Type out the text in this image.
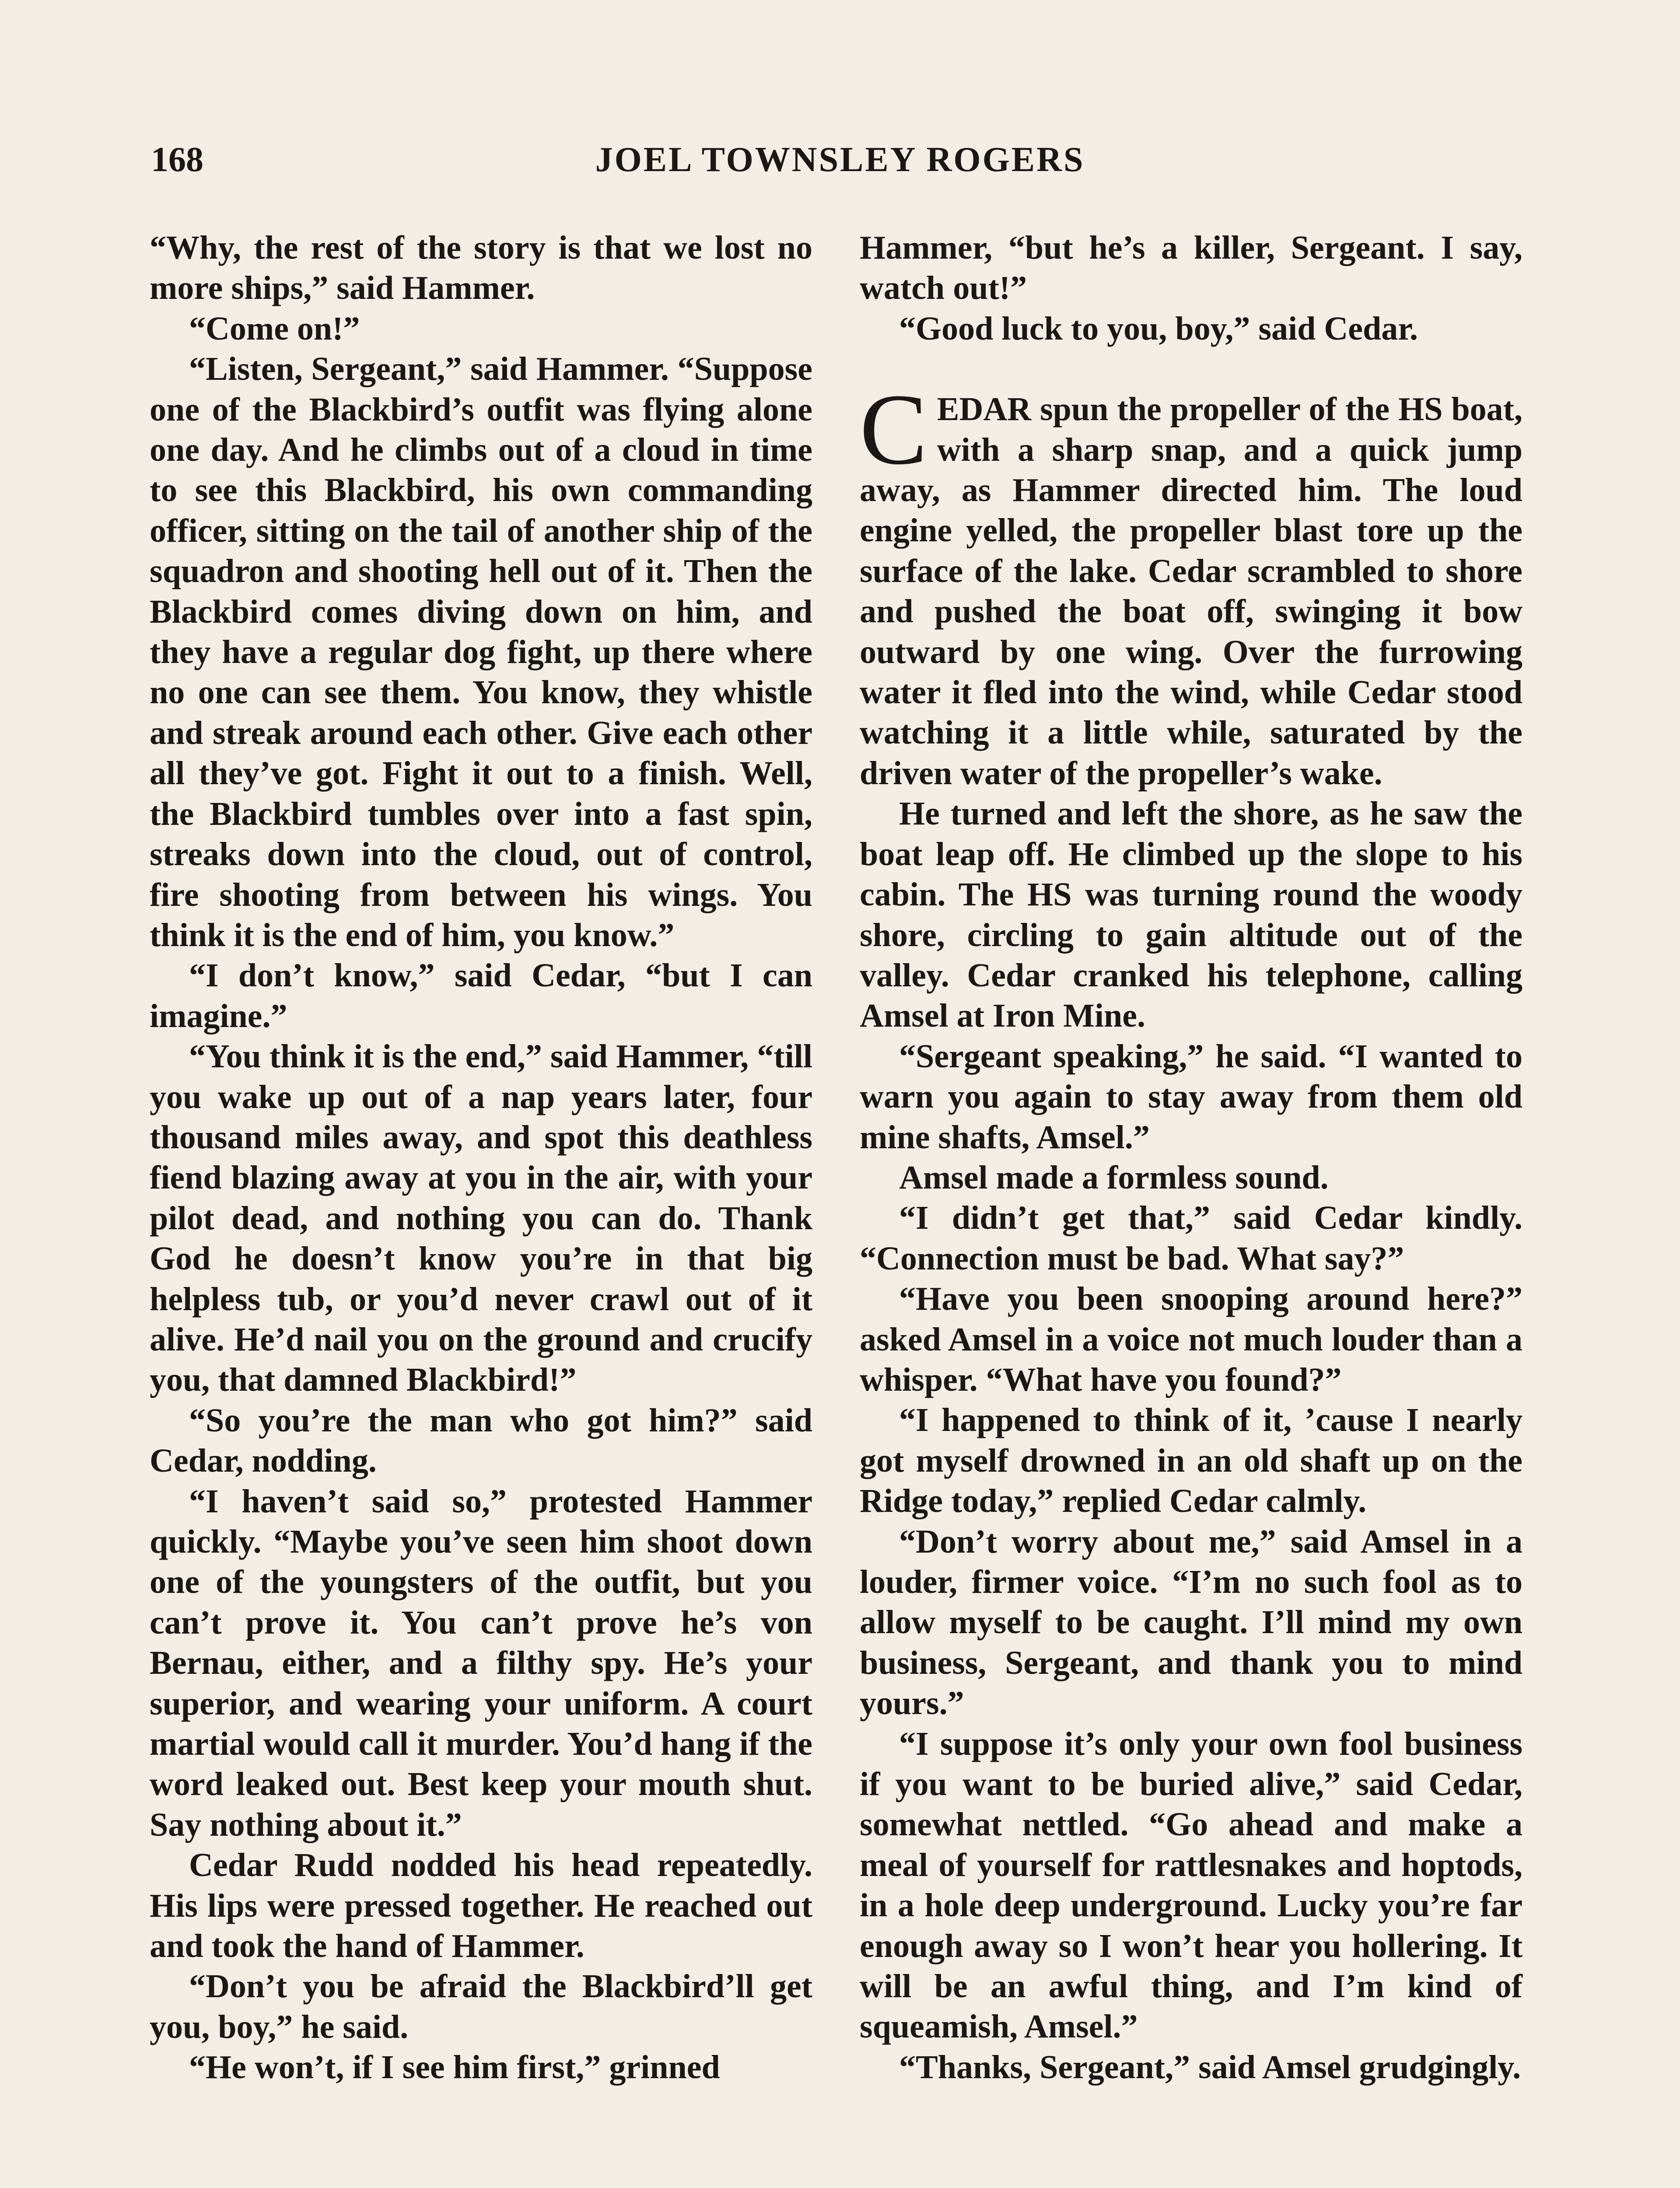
168	JOEL TOWNSLEY ROGERS

“Why, the rest of the story is that we lost no more ships,” said Hammer.

“Come on!”

“Listen, Sergeant,” said Hammer. “Suppose one of the Blackbird’s outfit was flying alone one day. And he climbs out of a cloud in time to see this Blackbird, his own commanding officer, sitting on the tail of another ship of the squadron and shooting hell out of it. Then the Blackbird comes diving down on him, and they have a regular dog fight, up there where no one can see them. You know, they whistle and streak around each other. Give each other all they’ve got. Fight it out to a finish. Well, the Blackbird tumbles over into a fast spin, streaks down into the cloud, out of control, fire shooting from between his wings. You think it is the end of him, you know.”

“I don’t know,” said Cedar, “but I can imagine.”

“You think it is the end,” said Hammer, “till you wake up out of a nap years later, four thousand miles away, and spot this deathless fiend blazing away at you in the air, with your pilot dead, and nothing you can do. Thank God he doesn’t know you’re in that big helpless tub, or you’d never crawl out of it alive. He’d nail you on the ground and crucify you, that damned Blackbird!”

“So you’re the man who got him?” said Cedar, nodding.

“I haven’t said so,” protested Hammer quickly. “Maybe you’ve seen him shoot down one of the youngsters of the outfit, but you can’t prove it. You can’t prove he’s von Bernau, either, and a filthy spy. He’s your superior, and wearing your uniform. A court martial would call it murder. You’d hang if the word leaked out. Best keep your mouth shut. Say nothing about it.”

Cedar Rudd nodded his head repeatedly. His lips were pressed together. He reached out and took the hand of Hammer.

“Don’t you be afraid the Blackbird’ll get you, boy,” he said.

“He won’t, if I see him first,” grinned

Hammer, “but he’s a killer, Sergeant. I say, watch out!”

“Good luck to you, boy,” said Cedar.

CEDAR spun the propeller of the HS boat, with a sharp snap, and a quick jump away, as Hammer directed him. The loud engine yelled, the propeller blast tore up the surface of the lake. Cedar scrambled to shore and pushed the boat off, swinging it bow outward by one wing. Over the furrowing water it fled into the wind, while Cedar stood watching it a little while, saturated by the driven water of the propeller’s wake.

He turned and left the shore, as he saw the boat leap off. He climbed up the slope to his cabin. The HS was turning round the woody shore, circling to gain altitude out of the valley. Cedar cranked his telephone, calling Amsel at Iron Mine.

“Sergeant speaking,” he said. “I wanted to warn you again to stay away from them old mine shafts, Amsel.”

Amsel made a formless sound.

“I didn’t get that,” said Cedar kindly. “Connection must be bad. What say?”

“Have you been snooping around here?” asked Amsel in a voice not much louder than a whisper. “What have you found?”

“I happened to think of it, ’cause I nearly got myself drowned in an old shaft up on the Ridge today,” replied Cedar calmly.

“Don’t worry about me,” said Amsel in a louder, firmer voice. “I’m no such fool as to allow myself to be caught. I’ll mind my own business, Sergeant, and thank you to mind yours.”

“I suppose it’s only your own fool business if you want to be buried alive,” said Cedar, somewhat nettled. “Go ahead and make a meal of yourself for rattlesnakes and hoptods, in a hole deep underground. Lucky you’re far enough away so I won’t hear you hollering. It will be an awful thing, and I’m kind of squeamish, Amsel.”

“Thanks, Sergeant,” said Amsel grudgingly.
